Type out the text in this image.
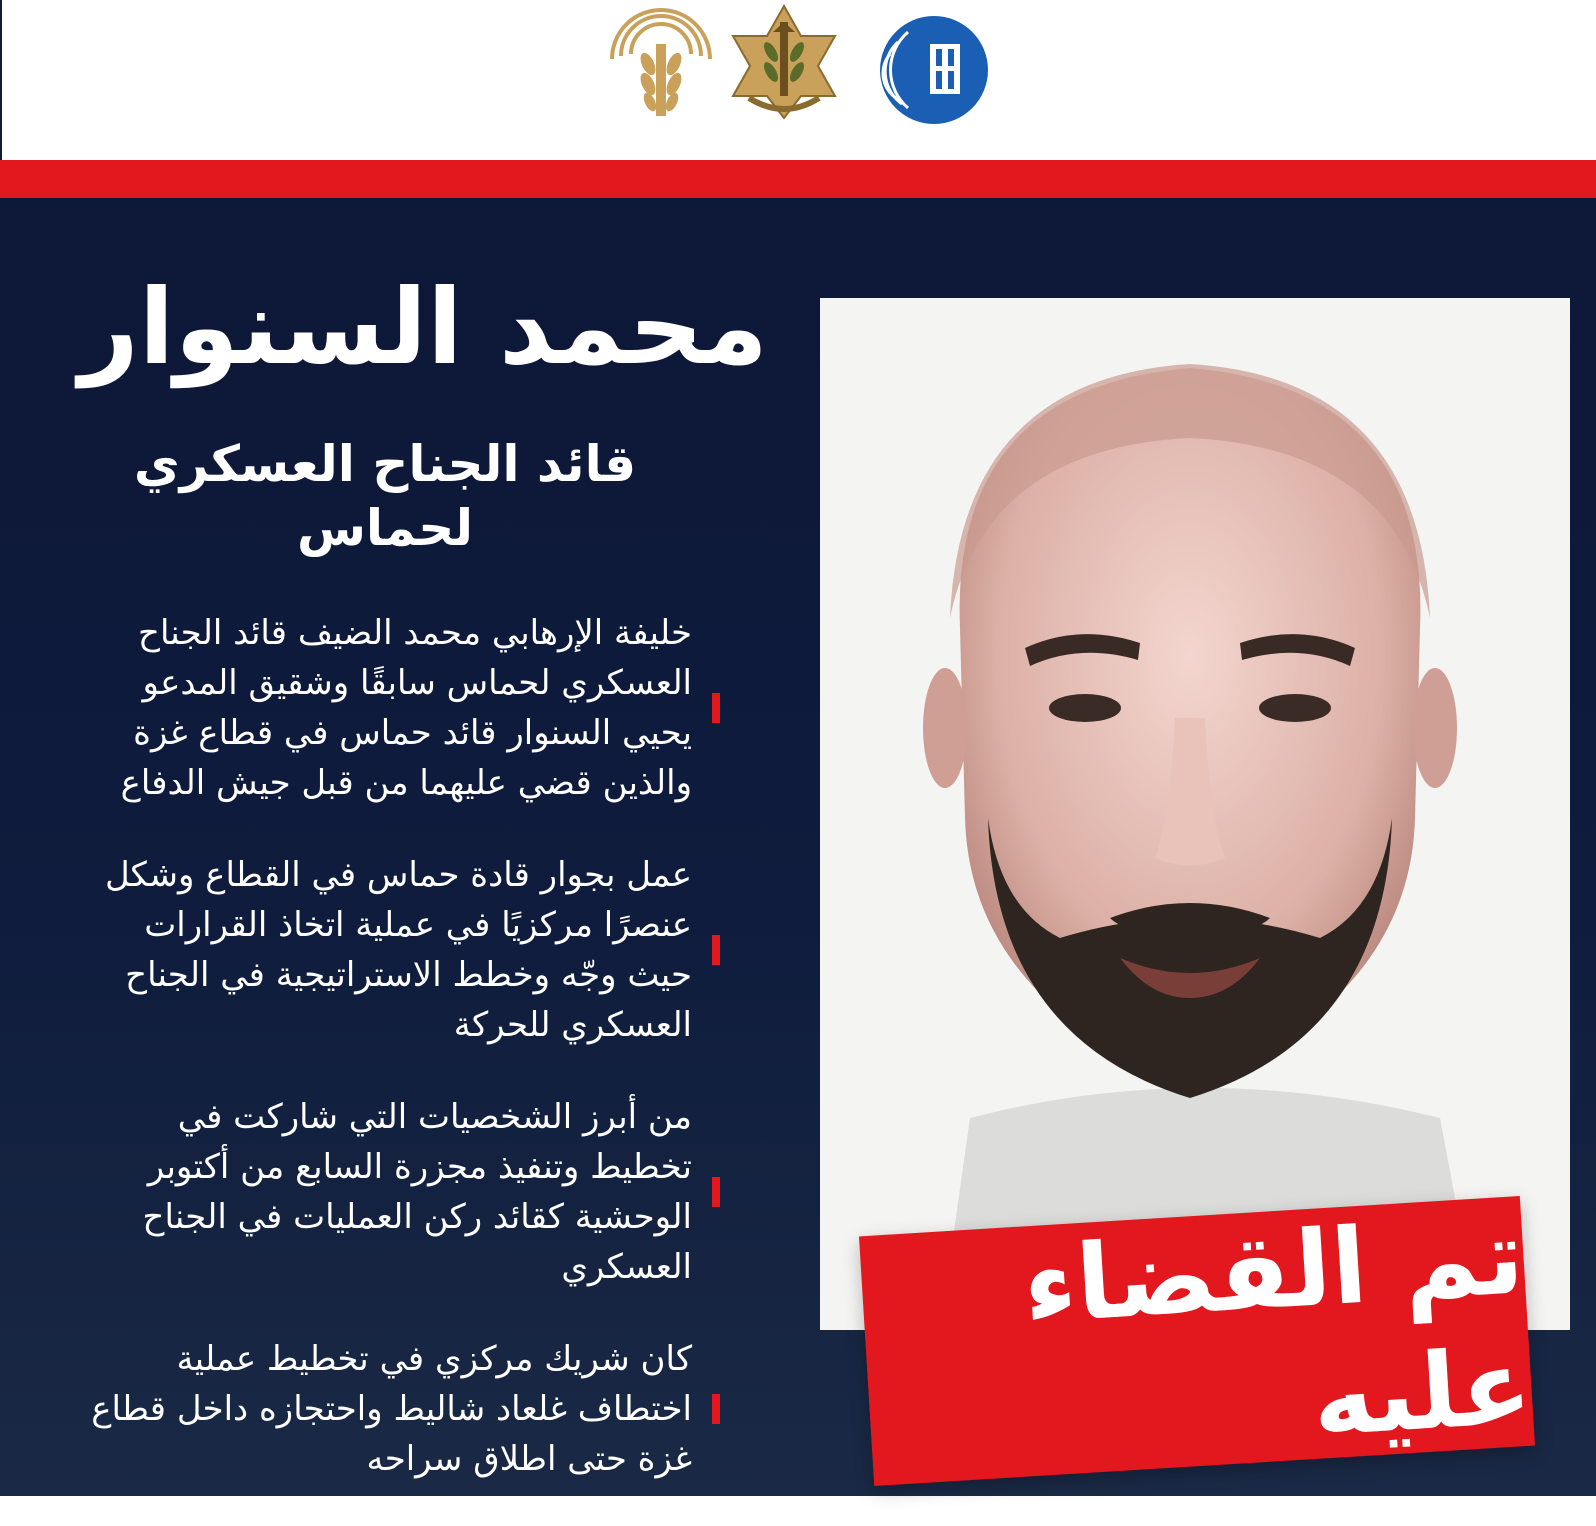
محمد السنوار
قائد الجناح العسكري
لحماس
خليفة الإرهابي محمد الضيف قائد الجناح العسكري لحماس سابقًا وشقيق المدعو يحيي السنوار قائد حماس في قطاع غزة والذين قضي عليهما من قبل جيش الدفاع
عمل بجوار قادة حماس في القطاع وشكل عنصرًا مركزيًا في عملية اتخاذ القرارات حيث وجّه وخطط الاستراتيجية في الجناح العسكري للحركة
من أبرز الشخصيات التي شاركت في تخطيط وتنفيذ مجزرة السابع من أكتوبر الوحشية كقائد ركن العمليات في الجناح العسكري
كان شريك مركزي في تخطيط عملية اختطاف غلعاد شاليط واحتجازه داخل قطاع غزة حتى اطلاق سراحه
تم القضاء عليه
